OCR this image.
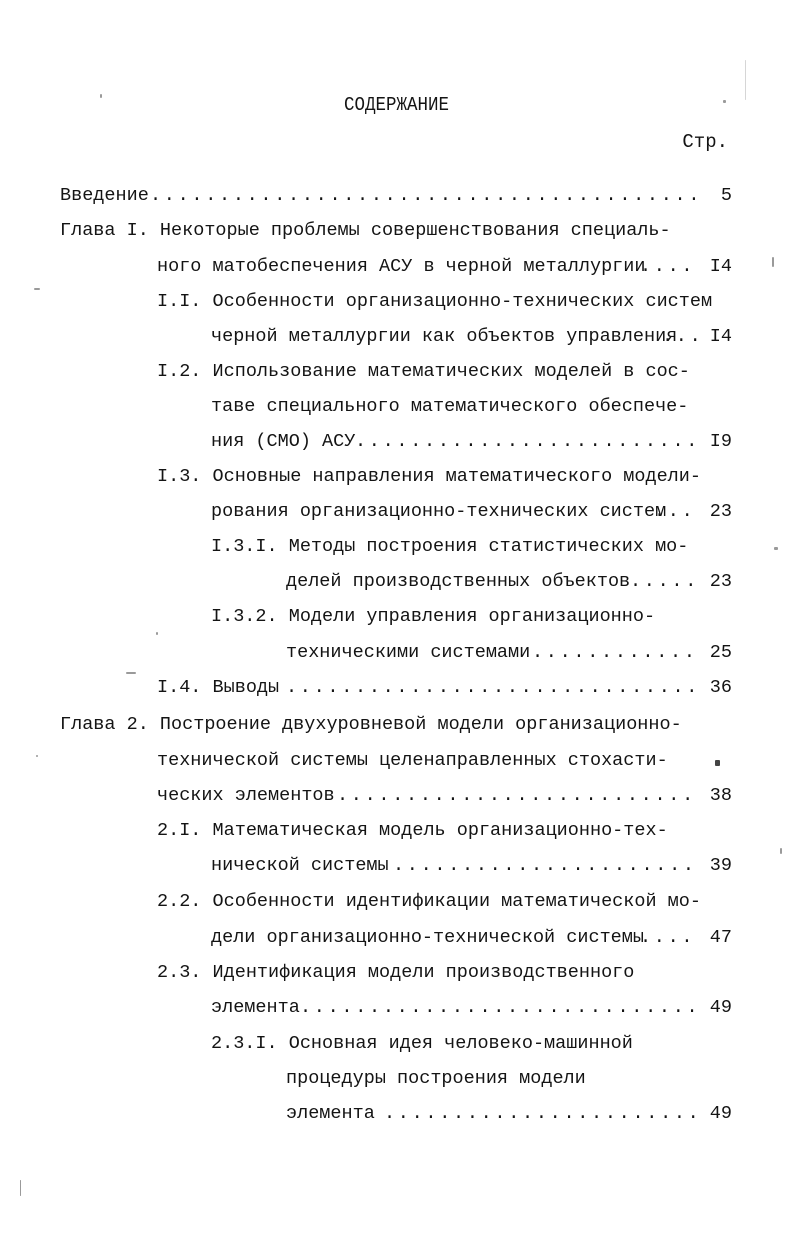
СОДЕРЖАНИЕ
Стр.
Введение . . .	5
Глава I. Некоторые проблемы совершенствования специаль-
ного матобеспечения АСУ в черной металлургии . . .	I4
I.I. Особенности организационно-технических систем
черной металлургии как объектов управления . . . I4
I.2. Использование математических моделей в сос-
таве специального математического обеспече-
ния (СМО) АСУ . . .	I9
I.3. Основные направления математического модели-
рования организационно-технических систем . . . 23
I.3.I. Методы построения статистических мо-
делей производственных объектов . . .	23
I.3.2. Модели управления организационно-
техническими системами . . .	25
I.4. Выводы . . .	36
Глава 2. Построение двухуровневой модели организационно-
технической системы целенаправленных стохасти-
ческих элементов . . .	38
2.I. Математическая модель организационно-тех-
нической системы . . .	39
2.2. Особенности идентификации математической мо-
дели организационно-технической системы . . .	47
2.3. Идентификация модели производственного
элемента . . .	49
2.3.I. Основная идея человеко-машинной
процедуры построения модели
элемента . . .	49
